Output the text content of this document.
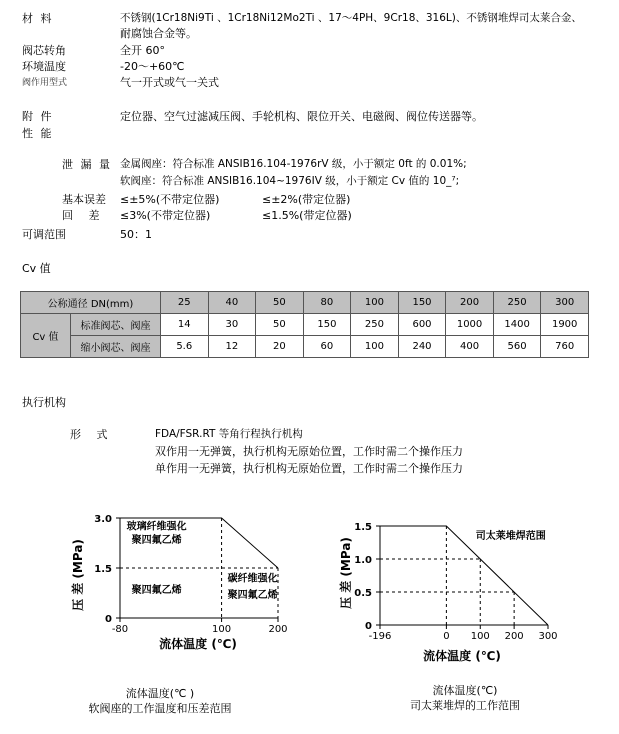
材 料	不锈钢(1Cr18Ni9Ti 、1Cr18Ni12Mo2Ti 、17～4PH、9Cr18、316L)、不锈钢堆焊司太莱合金、
耐腐蚀合金等。
阀芯转角	全开 60°
环境温度	-20～+60℃
阀作用型式	气一开式或气一关式
附 件	定位器、空气过滤减压阀、手轮机构、限位开关、电磁阀、阀位传送器等。
性 能
泄 漏 量 金属阀座：符合标准 ANSIB16.104-1976rV 级，小于额定 0ft 的 0.01%;
软阀座：符合标准 ANSIB16.104~1976IV 级，小于额定 Cv 值的 10_⁷;
基本误差 ≤±5%(不带定位器)	≤±2%(带定位器)
回 差 ≤3%(不带定位器)	≤1.5%(带定位器)
可调范围	50：1
Cv 值
公称通径 DN(mm)		25	40	50	80	100	150	200	250	300
Cv 值	标准阀芯、阀座	14	30	50	150	250	600	1000	1400	1900
	缩小阀芯、阀座	5.6	12	20	60	100	240	400	560	760
执行机构
形 式	FDA/FSR.RT 等角行程执行机构
双作用一无弹簧，执行机构无原始位置，工作时需二个操作压力
单作用一无弹簧，执行机构无原始位置，工作时需二个操作压力
压 差 (MPa)
流体温度 (℃)
-80	100	200
0
1.5
3.0
玻璃纤维强化
聚四氟乙烯
聚四氟乙烯
碳纤维强化
聚四氟乙烯	压 差 (MPa)
流体温度 (℃)
-196	0 100 200 300
0
0.5
1.0
1.5
司太莱堆焊范围
流体温度(℃ )
软阀座的工作温度和压差范围
流体温度(℃)
司太莱堆焊的工作范围
